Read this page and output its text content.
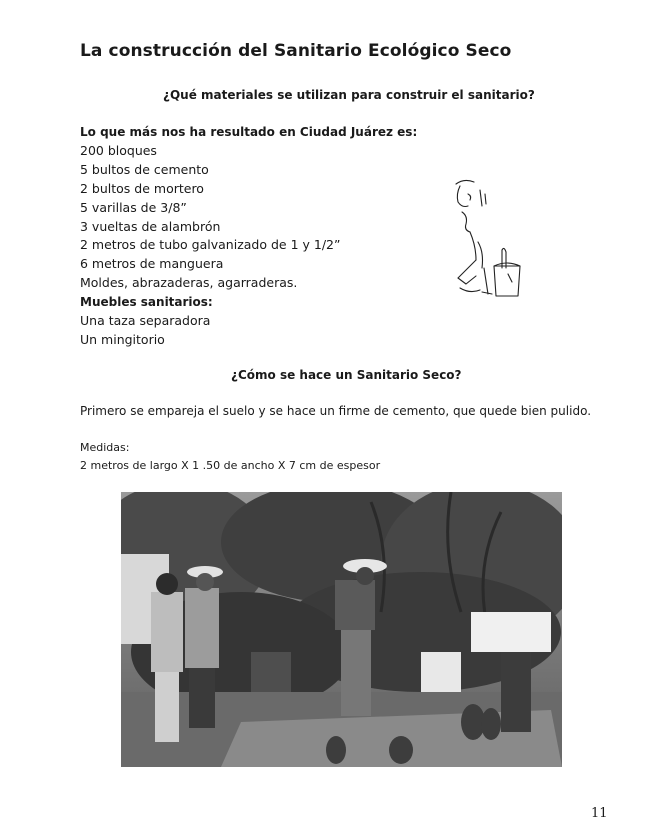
La construcción del Sanitario Ecológico Seco
¿Qué materiales se utilizan para construir el sanitario?
Lo que más nos ha resultado en Ciudad Juárez es:
200 bloques
5 bultos de cemento
2 bultos de mortero
5 varillas de 3/8”
3 vueltas de alambrón
2 metros de tubo galvanizado de 1 y 1/2”
6 metros de manguera
Moldes, abrazaderas, agarraderas.
Muebles sanitarios:
Una taza separadora
Un mingitorio
¿Cómo se hace un Sanitario Seco?
Primero se empareja el suelo y se hace un firme de cemento, que quede bien pulido.
Medidas:
2 metros de largo X 1 .50 de ancho X 7 cm de espesor
11
